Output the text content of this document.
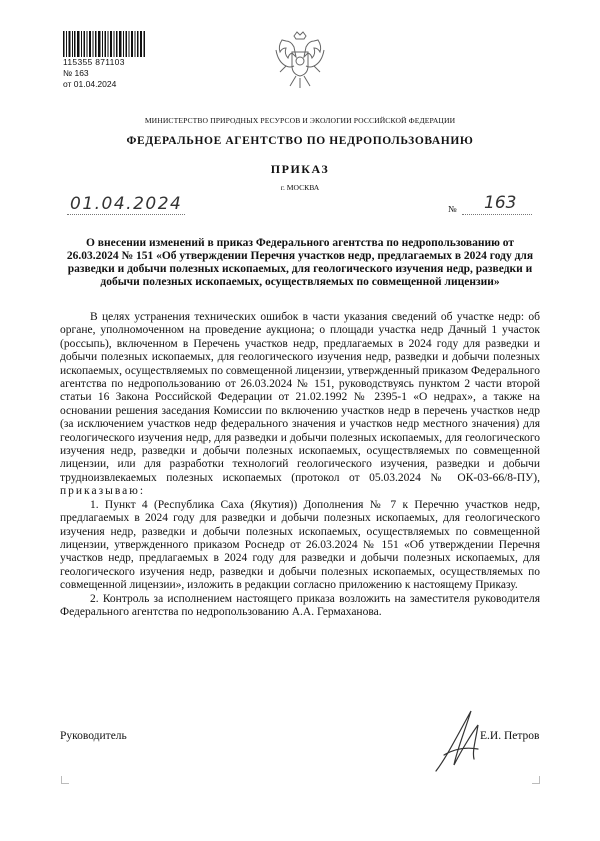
115355 871103
№ 163
от 01.04.2024
МИНИСТЕРСТВО ПРИРОДНЫХ РЕСУРСОВ И ЭКОЛОГИИ РОССИЙСКОЙ ФЕДЕРАЦИИ
ФЕДЕРАЛЬНОЕ АГЕНТСТВО ПО НЕДРОПОЛЬЗОВАНИЮ
ПРИКАЗ
г. МОСКВА
01.04.2024	№ 163
О внесении изменений в приказ Федерального агентства по недропользованию от 26.03.2024 № 151 «Об утверждении Перечня участков недр, предлагаемых в 2024 году для разведки и добычи полезных ископаемых, для геологического изучения недр, разведки и добычи полезных ископаемых, осуществляемых по совмещенной лицензии»

В целях устранения технических ошибок в части указания сведений об участке недр: об органе, уполномоченном на проведение аукциона; о площади участка недр Дачный 1 участок (россыпь), включенном в Перечень участков недр, предлагаемых в 2024 году для разведки и добычи полезных ископаемых, для геологического изучения недр, разведки и добычи полезных ископаемых, осуществляемых по совмещенной лицензии, утвержденный приказом Федерального агентства по недропользованию от 26.03.2024 № 151, руководствуясь пунктом 2 части второй статьи 16 Закона Российской Федерации от 21.02.1992 № 2395-1 «О недрах», а также на основании решения заседания Комиссии по включению участков недр в перечень участков недр (за исключением участков недр федерального значения и участков недр местного значения) для геологического изучения недр, для разведки и добычи полезных ископаемых, для геологического изучения недр, разведки и добычи полезных ископаемых, осуществляемых по совмещенной лицензии, или для разработки технологий геологического изучения, разведки и добычи трудноизвлекаемых полезных ископаемых (протокол от 05.03.2024 № ОК-03-66/8-ПУ), приказываю:

1. Пункт 4 (Республика Саха (Якутия)) Дополнения № 7 к Перечню участков недр, предлагаемых в 2024 году для разведки и добычи полезных ископаемых, для геологического изучения недр, разведки и добычи полезных ископаемых, осуществляемых по совмещенной лицензии, утвержденного приказом Роснедр от 26.03.2024 № 151 «Об утверждении Перечня участков недр, предлагаемых в 2024 году для разведки и добычи полезных ископаемых, для геологического изучения недр, разведки и добычи полезных ископаемых, осуществляемых по совмещенной лицензии», изложить в редакции согласно приложению к настоящему Приказу.

2. Контроль за исполнением настоящего приказа возложить на заместителя руководителя Федерального агентства по недропользованию А.А. Гермаханова.

Руководитель	Е.И. Петров
